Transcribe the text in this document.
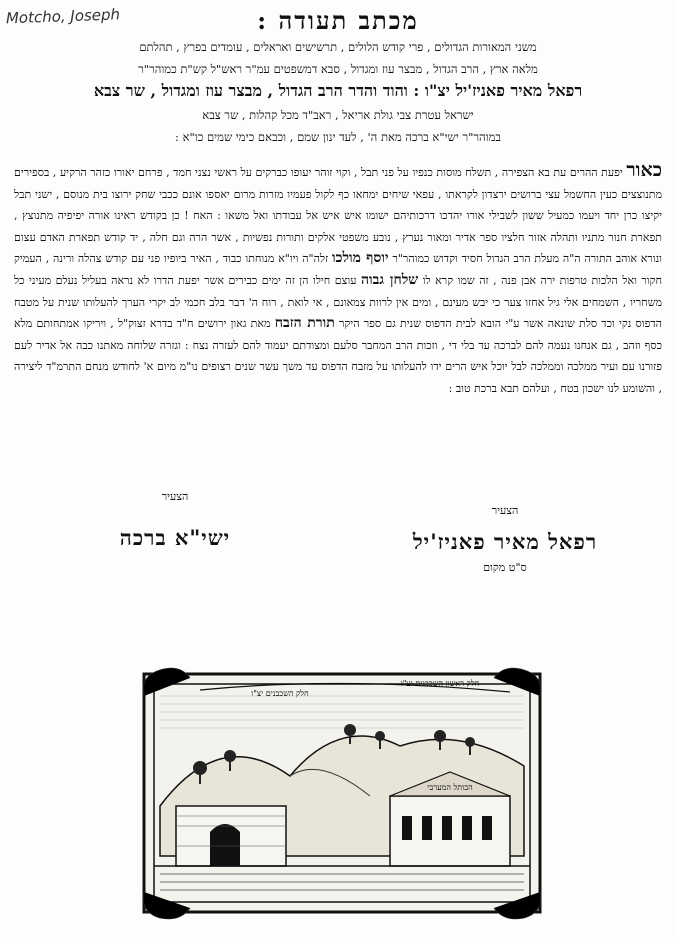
Motcho, Joseph	מכתב תעודה :
משני המאורות הגדולים , פרי קודש הלולים , תרשישים ואראלים , עומדים בפרץ , תהלתם
מלאה ארץ , הרב הגדול , מבצר עוז ומגדול , סבא דמשפטים עמ"ר ראש"ל קש"ת כמוהר"ר
רפאל מאיר פאניז'יל יצ"ו : והוד והדר הרב הגדול , מבצר עוז ומגדול , שר צבא
ישראל עטרת צבי גולת אריאל , ראב"ד מכל קהלות , שר צבא
במוהר"ר ישי"א ברכה מאת ה' , לעד ינון שמם , וכבאם כימי שמים כו"א :
כאור יפעת ההרים עת בא הצפירה , תשלח מוסות כנפיו על פני תבל , וקוי זוהר יעופו כברקים על ראשי נצני חמד , פרחם יאורו כזהר הרקיע , בספירים מתנוצצים כעין החשמל עצי ברושים ירצדון לקראתו , עפאי שיחים ימחאו כף לקול פעמיו מזרות מרום יאספו אונם ככבי שחק ירוצו בית מנוסם , ישני תבל יקיצו כרן יחד ויעמו כמעיל ששון לשבילי אורו יהדכו דרכותיהם ישומו איש איש אל עבודתו ואל משאו : האח ! כן בקודש ראינו אורה יפיפיה מתנוצץ , תפארת חנור מתניו ותהלה אזור חלציו ספר אדיר ומאור נערץ , נובע משפטי אלקים ותורות נפשיות , אשר הרה וגם חלה , יד קודש תפארת האדם עצום ונורא אוהב התורה ה"ה מעלת הרב הגדול חסיד וקדוש כמוהר"ר יוסף מולכו זלה"ה ויו"א מנוחתו כבוד , האיר ביופיו פני עם קודש צהלה ורינה , העמיק חקור ואל הלכות טרפות ירה אבן פנה , זה שמו קרא לו שלחן גבוה עוצם חילו הן זה ימים כבירים אשר יפעת הדרו לא נראה בעליל נעלם מעיני כל משחריו , השמחים אלי גיל אחזו צער כי יבש מעינם , ומים אין לרוות צמאונם , אי לואת , רוח ה' דבר בלב חכמי לב יקרי הערך להעלותו שנית על מטבח הדפוס נקי וכד סלת שונאה אשר ע"י הובא לבית הדפוס שנית גם ספר היקר תורת הזבח מאת גאון ירושים ח"ד בדרא זצוק"ל , ויריקו אמתחותם מלא כסף וזהב , גם אנחנו נעמה להם לברכה עד בלי די , וזכות הרב המחבר סלעם ומצודתם יעמוד להם לעזרה נצח : וגזרה שלוחה מאתנו כבה אל אדיר לעם פזורנו עם ועיר ממלכה וממלכה לבל יוכל איש הרים ידו להעלותו על מזבח הדפוס עד משך עשר שנים רצופים נו"מ מיום א' לחודש מנחם התרמ"ד ליצירה , והשומע לנו ישכון בטח , ועלהם תבא ברכת טוב :
הצעיר
ישי"א ברכה
הצעיר
רפאל מאיר פאניז'יל
ס"ט מקום
חלק ראשון השכבנים יצ"ו
חלק השכבנים יצ"ו
הכותל המערבי
